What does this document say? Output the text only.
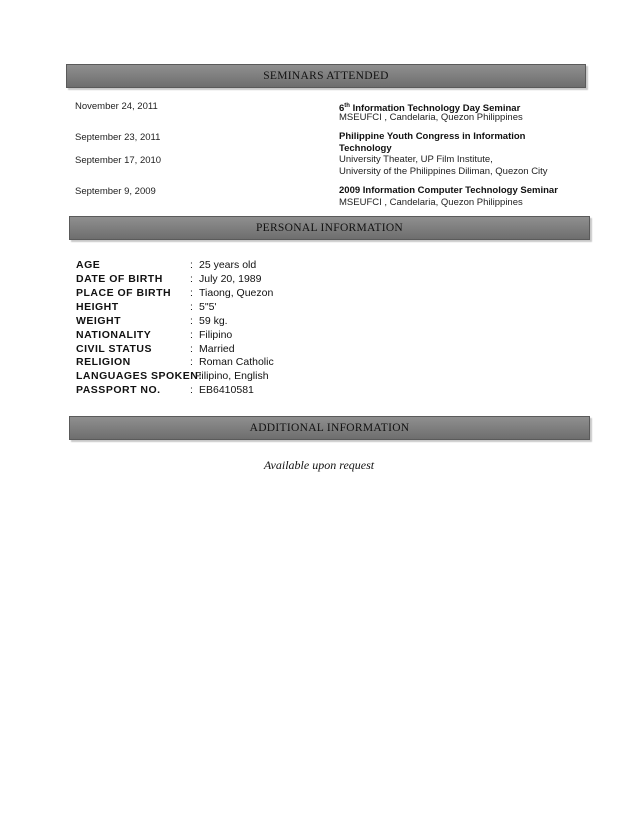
SEMINARS ATTENDED
November 24, 2011	6th Information Technology Day Seminar
MSEUFCI , Candelaria, Quezon Philippines
September 23, 2011	Philippine Youth Congress in Information Technology
September 17, 2010	University Theater, UP Film Institute,
University of the Philippines Diliman, Quezon City
September 9, 2009	2009 Information Computer Technology Seminar
MSEUFCI , Candelaria, Quezon Philippines
PERSONAL INFORMATION
AGE	: 25 years old
DATE OF BIRTH	: July 20, 1989
PLACE OF BIRTH : Tiaong, Quezon
HEIGHT	: 5"5'
WEIGHT	: 59 kg.
NATIONALITY	: Filipino
CIVIL STATUS	: Married
RELIGION	: Roman Catholic
LANGUAGES SPOKEN:
Filipino, English
PASSPORT NO.	: EB6410581
ADDITIONAL INFORMATION
Available upon request
